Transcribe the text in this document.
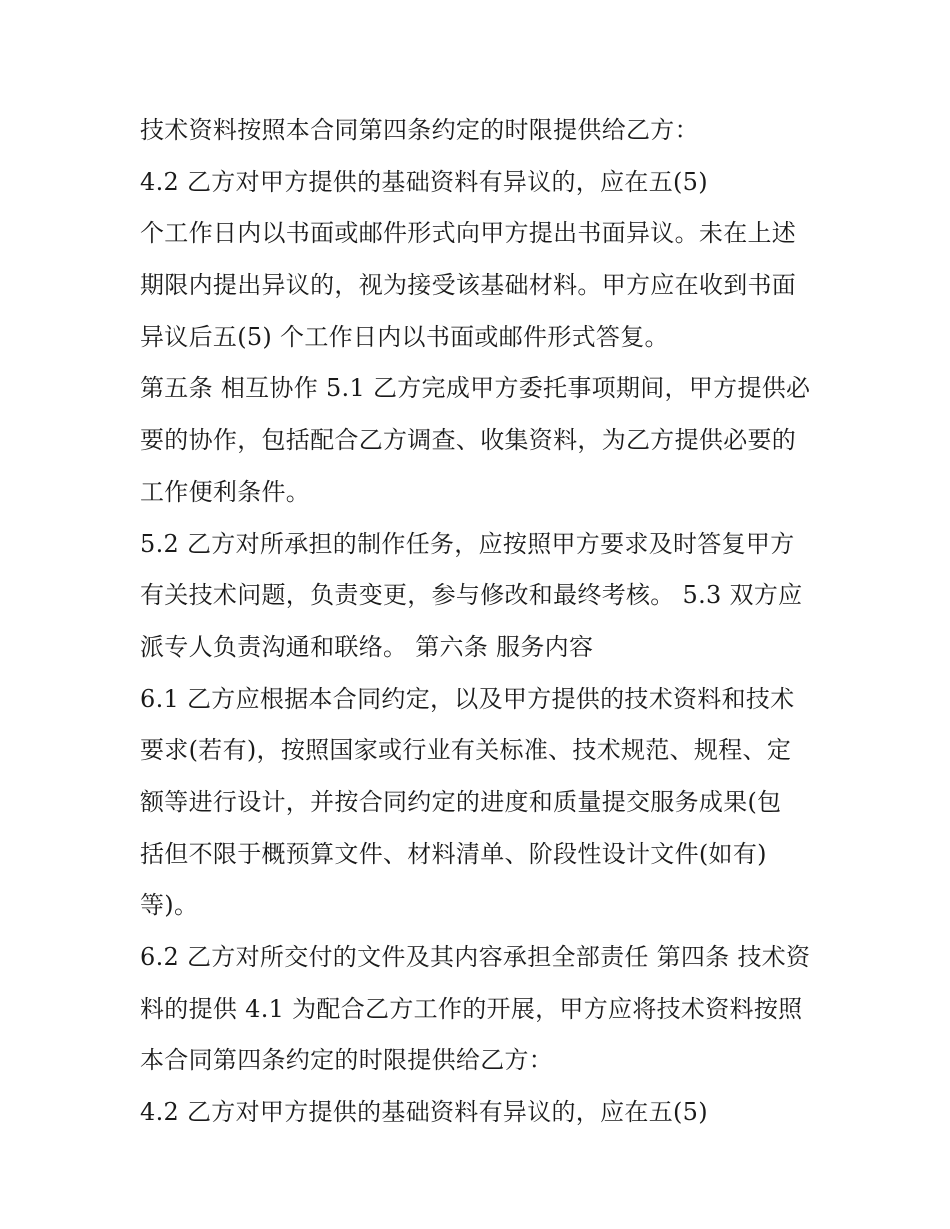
技术资料按照本合同第四条约定的时限提供给乙方：
4.2 乙方对甲方提供的基础资料有异议的，应在五(5)
个工作日内以书面或邮件形式向甲方提出书面异议。未在上述
期限内提出异议的，视为接受该基础材料。甲方应在收到书面
异议后五(5) 个工作日内以书面或邮件形式答复。
第五条 相互协作 5.1 乙方完成甲方委托事项期间，甲方提供必
要的协作，包括配合乙方调查、收集资料，为乙方提供必要的
工作便利条件。
5.2 乙方对所承担的制作任务，应按照甲方要求及时答复甲方
有关技术问题，负责变更，参与修改和最终考核。 5.3 双方应
派专人负责沟通和联络。 第六条 服务内容
6.1 乙方应根据本合同约定，以及甲方提供的技术资料和技术
要求(若有)，按照国家或行业有关标准、技术规范、规程、定
额等进行设计，并按合同约定的进度和质量提交服务成果(包
括但不限于概预算文件、材料清单、阶段性设计文件(如有)
等)。
6.2 乙方对所交付的文件及其内容承担全部责任 第四条 技术资
料的提供 4.1 为配合乙方工作的开展，甲方应将技术资料按照
本合同第四条约定的时限提供给乙方：
4.2 乙方对甲方提供的基础资料有异议的，应在五(5)
